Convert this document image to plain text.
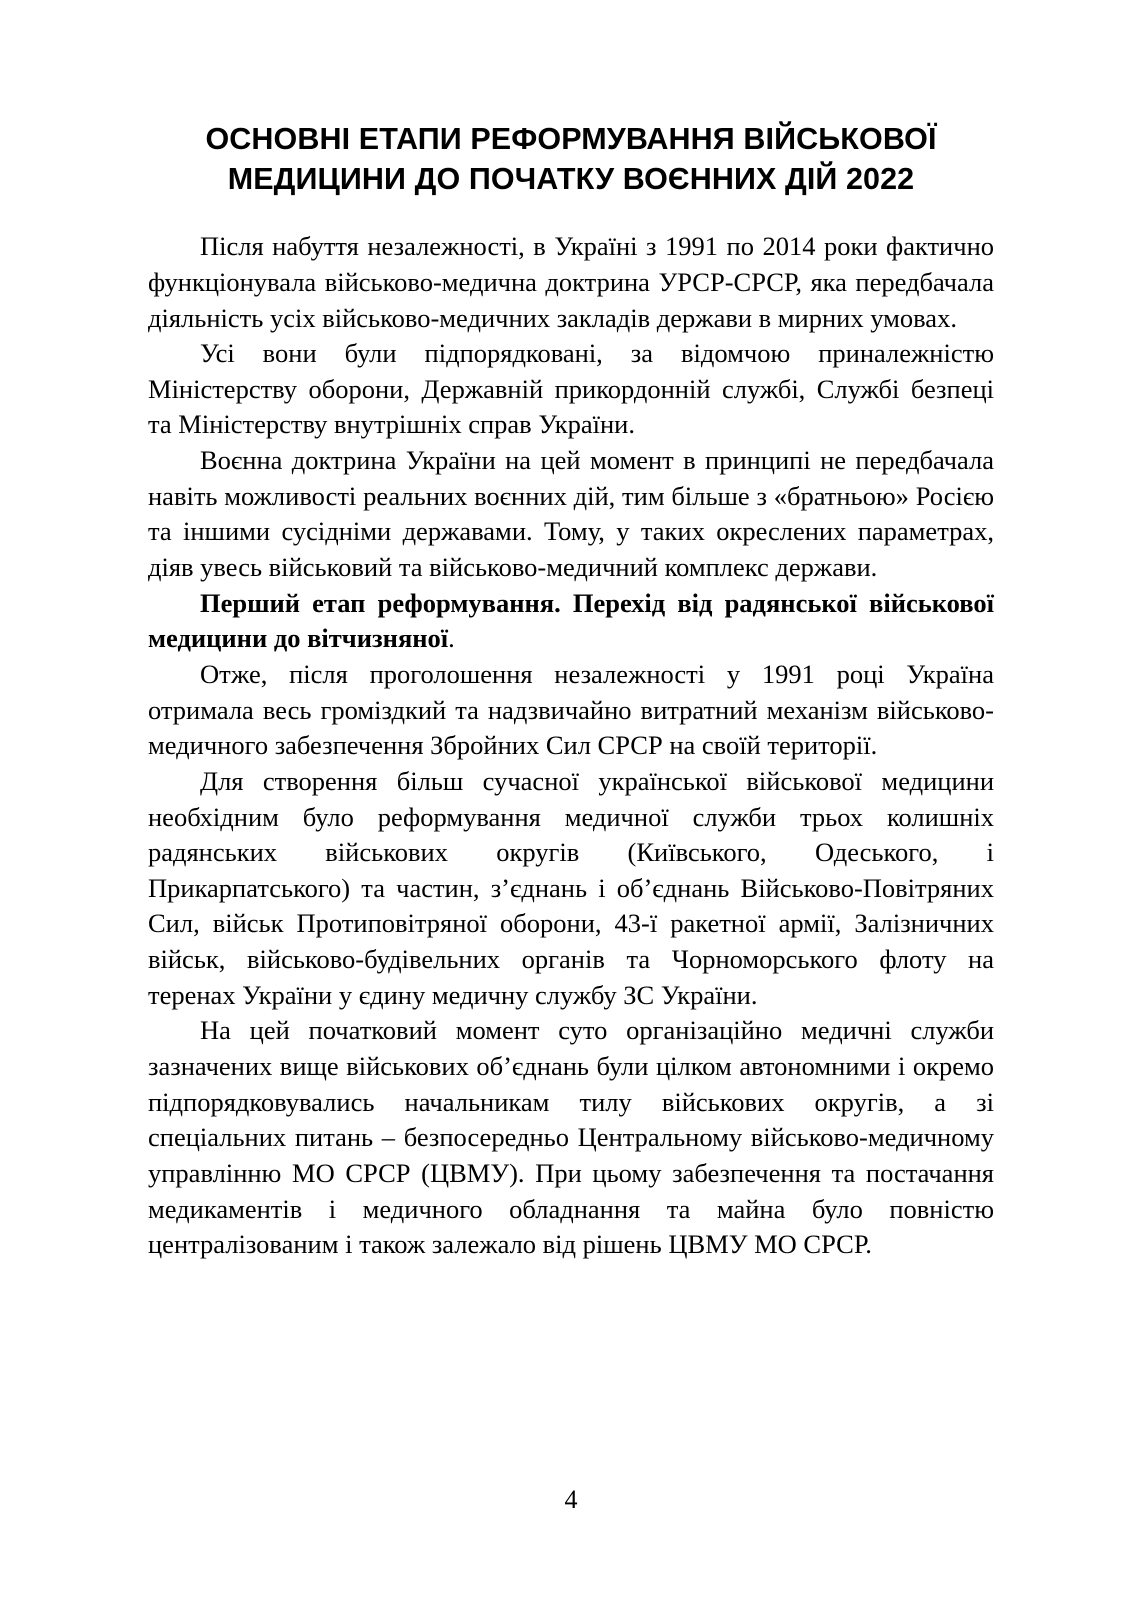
ОСНОВНІ ЕТАПИ РЕФОРМУВАННЯ ВІЙСЬКОВОЇ МЕДИЦИНИ ДО ПОЧАТКУ ВОЄННИХ ДІЙ 2022

Після набуття незалежності, в Україні з 1991 по 2014 роки фактично функціонувала військово-медична доктрина УРСР-СРСР, яка передбачала діяльність усіх військово-медичних закладів держави в мирних умовах.

Усі вони були підпорядковані, за відомчою приналежністю Міністерству оборони, Державній прикордонній службі, Службі безпеці та Міністерству внутрішніх справ України.

Воєнна доктрина України на цей момент в принципі не передбачала навіть можливості реальних воєнних дій, тим більше з «братньою» Росією та іншими сусідніми державами. Тому, у таких окреслених параметрах, діяв увесь військовий та військово-медичний комплекс держави.

Перший етап реформування. Перехід від радянської військової медицини до вітчизняної.

Отже, після проголошення незалежності у 1991 році Україна отримала весь громіздкий та надзвичайно витратний механізм військово-медичного забезпечення Збройних Сил СРСР на своїй території.

Для створення більш сучасної української військової медицини необхідним було реформування медичної служби трьох колишніх радянських військових округів (Київського, Одеського, і Прикарпатського) та частин, з’єднань і об’єднань Військово-Повітряних Сил, військ Протиповітряної оборони, 43-ї ракетної армії, Залізничних військ, військово-будівельних органів та Чорноморського флоту на теренах України у єдину медичну службу ЗС України.

На цей початковий момент суто організаційно медичні служби зазначених вище військових об’єднань були цілком автономними і окремо підпорядковувались начальникам тилу військових округів, а зі спеціальних питань – безпосередньо Центральному військово-медичному управлінню МО СРСР (ЦВМУ). При цьому забезпечення та постачання медикаментів і медичного обладнання та майна було повністю централізованим і також залежало від рішень ЦВМУ МО СРСР.

4
